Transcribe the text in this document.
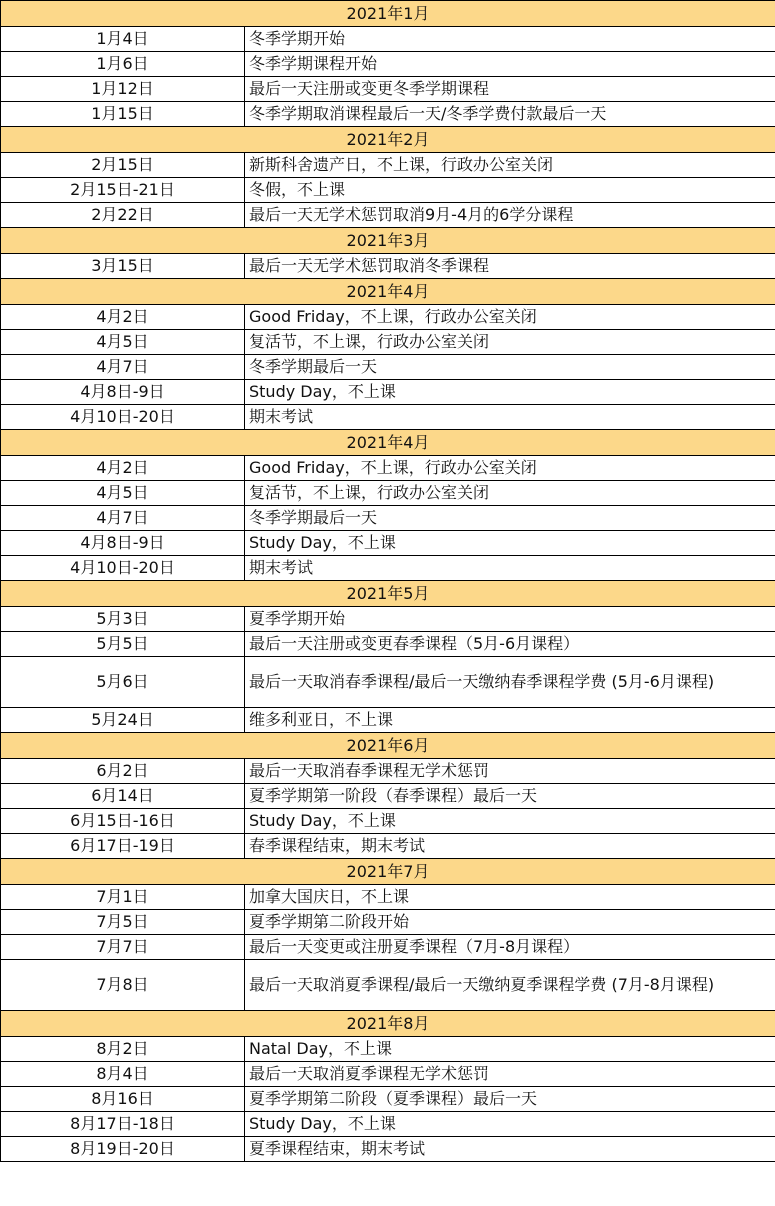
2021年1月	
1月4日	冬季学期开始
1月6日	冬季学期课程开始
1月12日	最后一天注册或变更冬季学期课程
1月15日	冬季学期取消课程最后一天/冬季学费付款最后一天
2021年2月	
2月15日	新斯科舍遗产日，不上课，行政办公室关闭
2月15日-21日	冬假，不上课
2月22日	最后一天无学术惩罚取消9月-4月的6学分课程
2021年3月	
3月15日	最后一天无学术惩罚取消冬季课程
2021年4月	
4月2日	Good Friday，不上课，行政办公室关闭
4月5日	复活节，不上课，行政办公室关闭
4月7日	冬季学期最后一天
4月8日-9日	Study Day，不上课
4月10日-20日	期末考试
2021年4月	
4月2日	Good Friday，不上课，行政办公室关闭
4月5日	复活节，不上课，行政办公室关闭
4月7日	冬季学期最后一天
4月8日-9日	Study Day，不上课
4月10日-20日	期末考试
2021年5月	
5月3日	夏季学期开始
5月5日	最后一天注册或变更春季课程（5月-6月课程）
5月6日	最后一天取消春季课程/最后一天缴纳春季课程学费 (5月-6月课程)
5月24日	维多利亚日，不上课
2021年6月	
6月2日	最后一天取消春季课程无学术惩罚
6月14日	夏季学期第一阶段（春季课程）最后一天
6月15日-16日	Study Day，不上课
6月17日-19日	春季课程结束，期末考试
2021年7月	
7月1日	加拿大国庆日，不上课
7月5日	夏季学期第二阶段开始
7月7日	最后一天变更或注册夏季课程（7月-8月课程）
7月8日	最后一天取消夏季课程/最后一天缴纳夏季课程学费 (7月-8月课程)
2021年8月	
8月2日	Natal Day，不上课
8月4日	最后一天取消夏季课程无学术惩罚
8月16日	夏季学期第二阶段（夏季课程）最后一天
8月17日-18日	Study Day，不上课
8月19日-20日	夏季课程结束，期末考试
